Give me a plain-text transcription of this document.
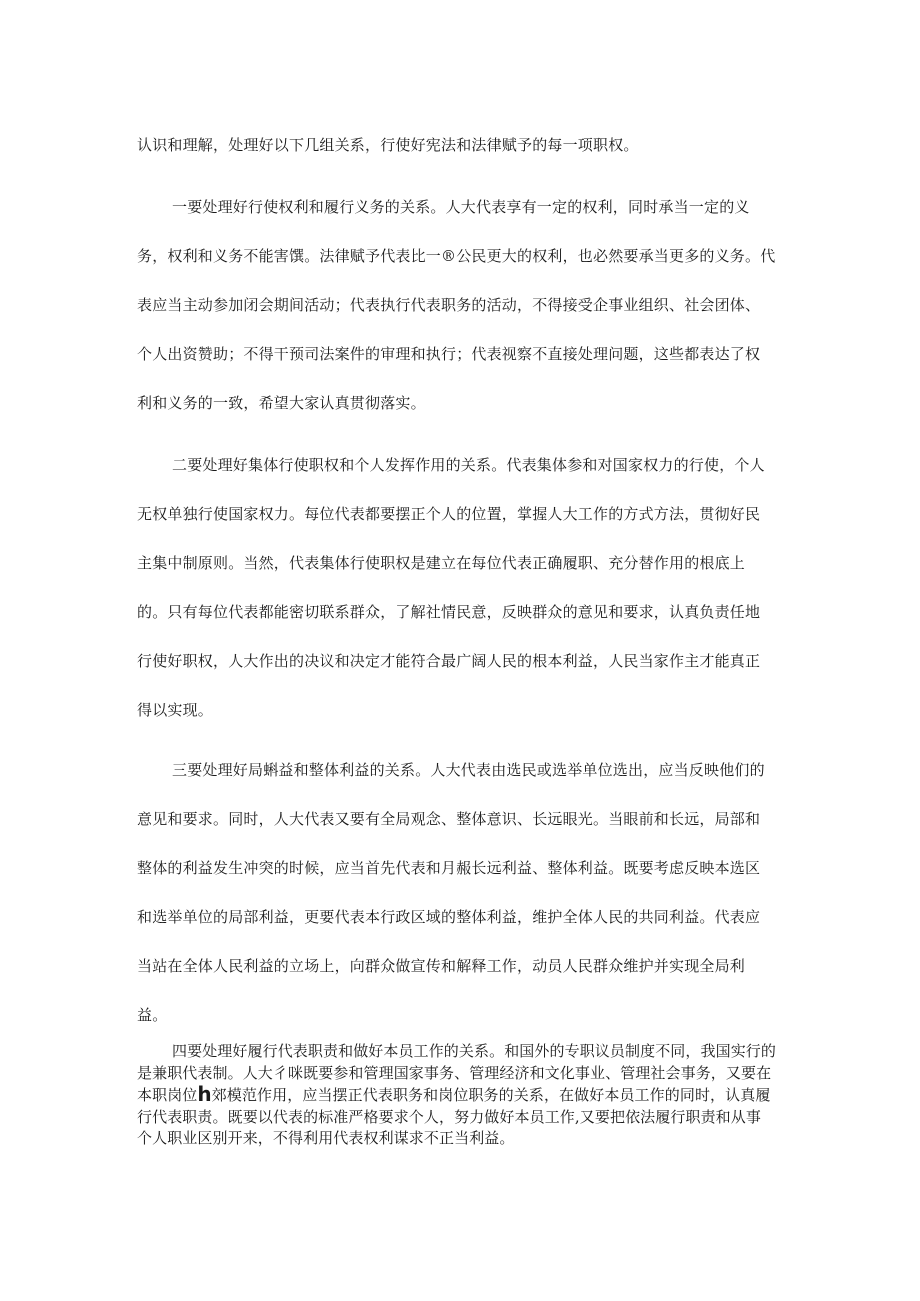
认识和理解，处理好以下几组关系，行使好宪法和法律赋予的每一项职权。

一要处理好行使权利和履行义务的关系。人大代表享有一定的权利，同时承当一定的义

务，权利和义务不能害馔。法律赋予代表比一®公民更大的权利，也必然要承当更多的义务。代

表应当主动参加闭会期间活动；代表执行代表职务的活动，不得接受企事业组织、社会团体、

个人出资赞助；不得干预司法案件的审理和执行；代表视察不直接处理问题，这些都表达了权

利和义务的一致，希望大家认真贯彻落实。

二要处理好集体行使职权和个人发挥作用的关系。代表集体参和对国家权力的行使，个人

无权单独行使国家权力。每位代表都要摆正个人的位置，掌握人大工作的方式方法，贯彻好民

主集中制原则。当然，代表集体行使职权是建立在每位代表正确履职、充分替作用的根底上

的。只有每位代表都能密切联系群众，了解社情民意，反映群众的意见和要求，认真负责任地

行使好职权，人大作出的决议和决定才能符合最广阔人民的根本利益，人民当家作主才能真正

得以实现。

三要处理好局蝌益和整体利益的关系。人大代表由选民或选举单位选出，应当反映他们的

意见和要求。同时，人大代表又要有全局观念、整体意识、长远眼光。当眼前和长远，局部和

整体的利益发生冲突的时候，应当首先代表和月赧长远利益、整体利益。既要考虑反映本选区

和选举单位的局部利益，更要代表本行政区域的整体利益，维护全体人民的共同利益。代表应

当站在全体人民利益的立场上，向群众做宣传和解释工作，动员人民群众维护并实现全局利

益。

四要处理好履行代表职责和做好本员工作的关系。和国外的专职议员制度不同，我国实行的
是兼职代表制。人大彳咪既要参和管理国家事务、管理经济和文化事业、管理社会事务，又要在
本职岗位h郊模范作用，应当摆正代表职务和岗位职务的关系，在做好本员工作的同时，认真履
行代表职责。既要以代表的标准严格要求个人，努力做好本员工作,又要把依法履行职责和从事
个人职业区别开来，不得利用代表权利谋求不正当利益。
